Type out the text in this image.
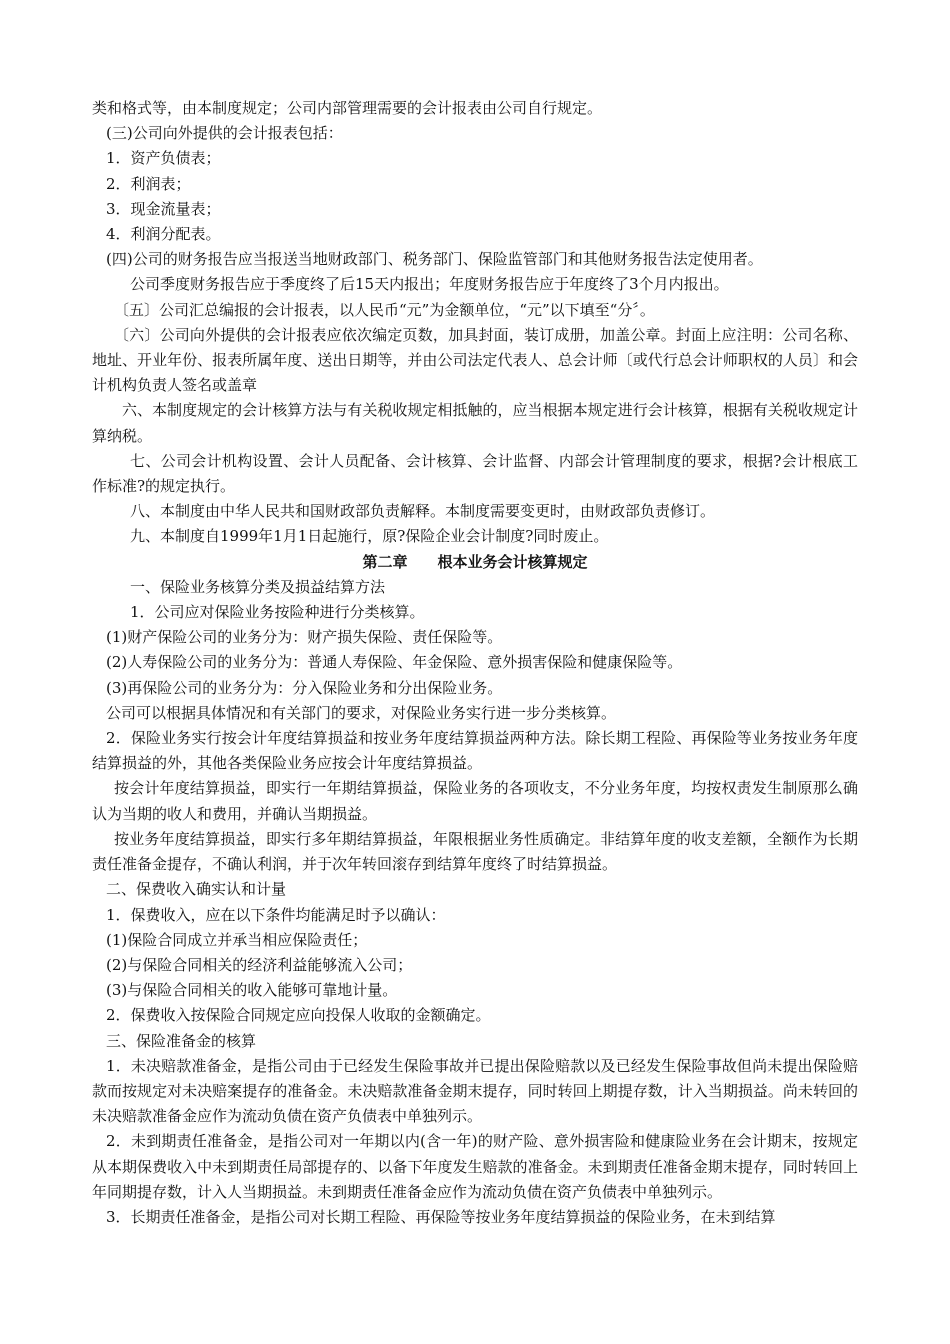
类和格式等，由本制度规定；公司内部管理需要的会计报表由公司自行规定。

(三)公司向外提供的会计报表包括：

1．资产负债表；

2．利润表；

3．现金流量表；

4．利润分配表。

(四)公司的财务报告应当报送当地财政部门、税务部门、保险监管部门和其他财务报告法定使用者。

公司季度财务报告应于季度终了后15天内报出；年度财务报告应于年度终了3个月内报出。

〔五〕公司汇总编报的会计报表，以人民币“元”为金额单位，“元”以下填至“分〞。

〔六〕公司向外提供的会计报表应依次编定页数，加具封面，装订成册，加盖公章。封面上应注明：公司名称、地址、开业年份、报表所属年度、送出日期等，并由公司法定代表人、总会计师〔或代行总会计师职权的人员〕和会计机构负责人签名或盖章

六、本制度规定的会计核算方法与有关税收规定相抵触的，应当根据本规定进行会计核算，根据有关税收规定计算纳税。

七、公司会计机构设置、会计人员配备、会计核算、会计监督、内部会计管理制度的要求，根据?会计根底工作标准?的规定执行。

八、本制度由中华人民共和国财政部负责解释。本制度需要变更时，由财政部负责修订。

九、本制度自1999年1月1日起施行，原?保险企业会计制度?同时废止。

第二章　　根本业务会计核算规定

一、保险业务核算分类及损益结算方法

1．公司应对保险业务按险种进行分类核算。

(1)财产保险公司的业务分为：财产损失保险、责任保险等。

(2)人寿保险公司的业务分为：普通人寿保险、年金保险、意外损害保险和健康保险等。

(3)再保险公司的业务分为：分入保险业务和分出保险业务。

公司可以根据具体情况和有关部门的要求，对保险业务实行进一步分类核算。

2．保险业务实行按会计年度结算损益和按业务年度结算损益两种方法。除长期工程险、再保险等业务按业务年度结算损益的外，其他各类保险业务应按会计年度结算损益。

按会计年度结算损益，即实行一年期结算损益，保险业务的各项收支，不分业务年度，均按权责发生制原那么确认为当期的收人和费用，并确认当期损益。

按业务年度结算损益，即实行多年期结算损益，年限根据业务性质确定。非结算年度的收支差额，全额作为长期责任准备金提存，不确认利润，并于次年转回滚存到结算年度终了时结算损益。

二、保费收入确实认和计量

1．保费收入，应在以下条件均能满足时予以确认：

(1)保险合同成立并承当相应保险责任；

(2)与保险合同相关的经济利益能够流入公司；

(3)与保险合同相关的收入能够可靠地计量。

2．保费收入按保险合同规定应向投保人收取的金额确定。

三、保险准备金的核算

1．未决赔款准备金，是指公司由于已经发生保险事故并已提出保险赔款以及已经发生保险事故但尚未提出保险赔款而按规定对未决赔案提存的准备金。未决赔款准备金期末提存，同时转回上期提存数，计入当期损益。尚未转回的未决赔款准备金应作为流动负债在资产负债表中单独列示。

2．未到期责任准备金，是指公司对一年期以内(含一年)的财产险、意外损害险和健康险业务在会计期末，按规定从本期保费收入中未到期责任局部提存的、以备下年度发生赔款的准备金。未到期责任准备金期末提存，同时转回上年同期提存数，计入人当期损益。未到期责任准备金应作为流动负债在资产负债表中单独列示。

3．长期责任准备金，是指公司对长期工程险、再保险等按业务年度结算损益的保险业务，在未到结算
